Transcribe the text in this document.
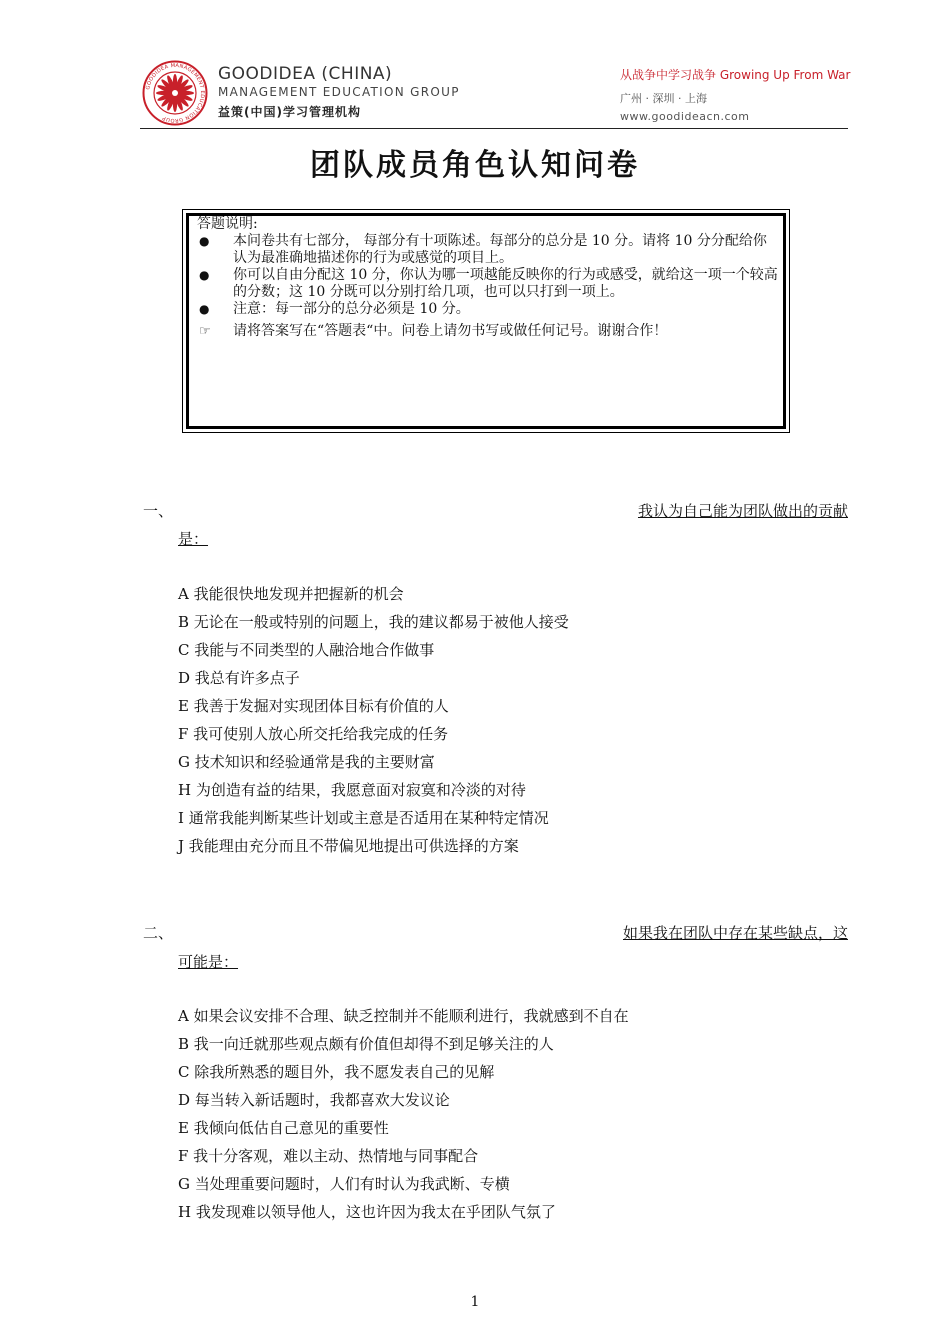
GOODIDEA MANAGEMENT EDUCATION GROUP
GOODIDEA (CHINA)
MANAGEMENT EDUCATION GROUP
益策(中国)学习管理机构
从战争中学习战争 Growing Up From War
广州 · 深圳 · 上海
www.goodideacn.com
团队成员角色认知问卷
答题说明:
● 本问卷共有七部分， 每部分有十项陈述。每部分的总分是 10 分。请将 10 分分配给你认为最准确地描述你的行为或感觉的项目上。
● 你可以自由分配这 10 分，你认为哪一项越能反映你的行为或感受，就给这一项一个较高的分数；这 10 分既可以分别打给几项，也可以只打到一项上。
● 注意：每一部分的总分必须是 10 分。
☞ 请将答案写在“答题表“中。问卷上请勿书写或做任何记号。谢谢合作！
一、	我认为自己能为团队做出的贡献
是：
A 我能很快地发现并把握新的机会
B 无论在一般或特别的问题上，我的建议都易于被他人接受
C 我能与不同类型的人融洽地合作做事
D 我总有许多点子
E 我善于发掘对实现团体目标有价值的人
F 我可使别人放心所交托给我完成的任务
G 技术知识和经验通常是我的主要财富
H 为创造有益的结果，我愿意面对寂寞和冷淡的对待
I 通常我能判断某些计划或主意是否适用在某种特定情况
J 我能理由充分而且不带偏见地提出可供选择的方案
二、	如果我在团队中存在某些缺点，这
可能是：
A 如果会议安排不合理、缺乏控制并不能顺利进行，我就感到不自在
B 我一向迁就那些观点颇有价值但却得不到足够关注的人
C 除我所熟悉的题目外，我不愿发表自己的见解
D 每当转入新话题时，我都喜欢大发议论
E 我倾向低估自己意见的重要性
F 我十分客观，难以主动、热情地与同事配合
G 当处理重要问题时，人们有时认为我武断、专横
H 我发现难以领导他人，这也许因为我太在乎团队气氛了
1
